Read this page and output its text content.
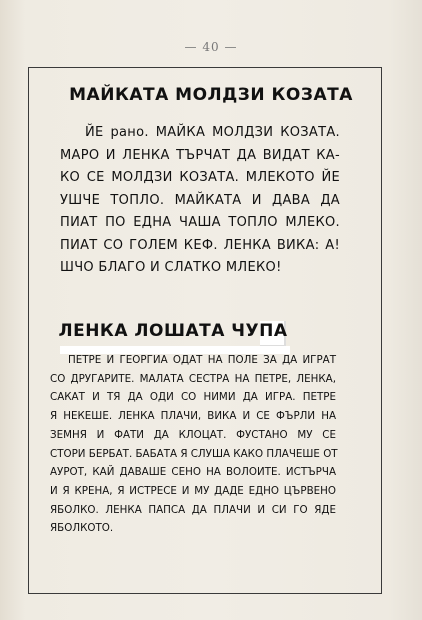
— 40 —
МАЙКАТА МОЛДЗИ КОЗАТА
ЙЕ рано. МАЙКА МОЛДЗИ КОЗАТА.
МАРО И ЛЕНКА ТЪРЧАТ ДА ВИДАТ КА-
КО СЕ МОЛДЗИ КОЗАТА. МЛЕКОТО ЙЕ
УШЧЕ ТОПЛО. МАЙКАТА И ДАВА ДА
ПИАТ ПО ЕДНА ЧАША ТОПЛО МЛЕКО.
ПИАТ СО ГОЛЕМ КЕФ. ЛЕНКА ВИКА: А!
ШЧО БЛАГО И СЛАТКО МЛЕКО!
ЛЕНКА ЛОШАТА ЧУПА
ПЕТРЕ И ГЕОРГИА ОДАТ НА ПОЛЕ ЗА ДА ИГРАТ
СО ДРУГАРИТЕ. МАЛАТА СЕСТРА НА ПЕТРЕ, ЛЕНКА,
САКАТ И ТЯ ДА ОДИ СО НИМИ ДА ИГРА. ПЕТРЕ
Я НЕКЕШЕ. ЛЕНКА ПЛАЧИ, ВИКА И СЕ ФЪРЛИ НА
ЗЕМНЯ И ФАТИ ДА КЛОЦАТ. ФУСТАНО МУ СЕ
СТОРИ БЕРБАТ. БАБАТА Я СЛУША КАКО ПЛАЧЕШЕ ОТ
АУРОТ, КАЙ ДАВАШЕ СЕНО НА ВОЛОИТЕ. ИСТЪРЧА
И Я КРЕНА, Я ИСТРЕСЕ И МУ ДАДЕ ЕДНО ЦЪРВЕНО
ЯБОЛКО. ЛЕНКА ПАПСА ДА ПЛАЧИ И СИ ГО ЯДЕ
ЯБОЛКОТО.
